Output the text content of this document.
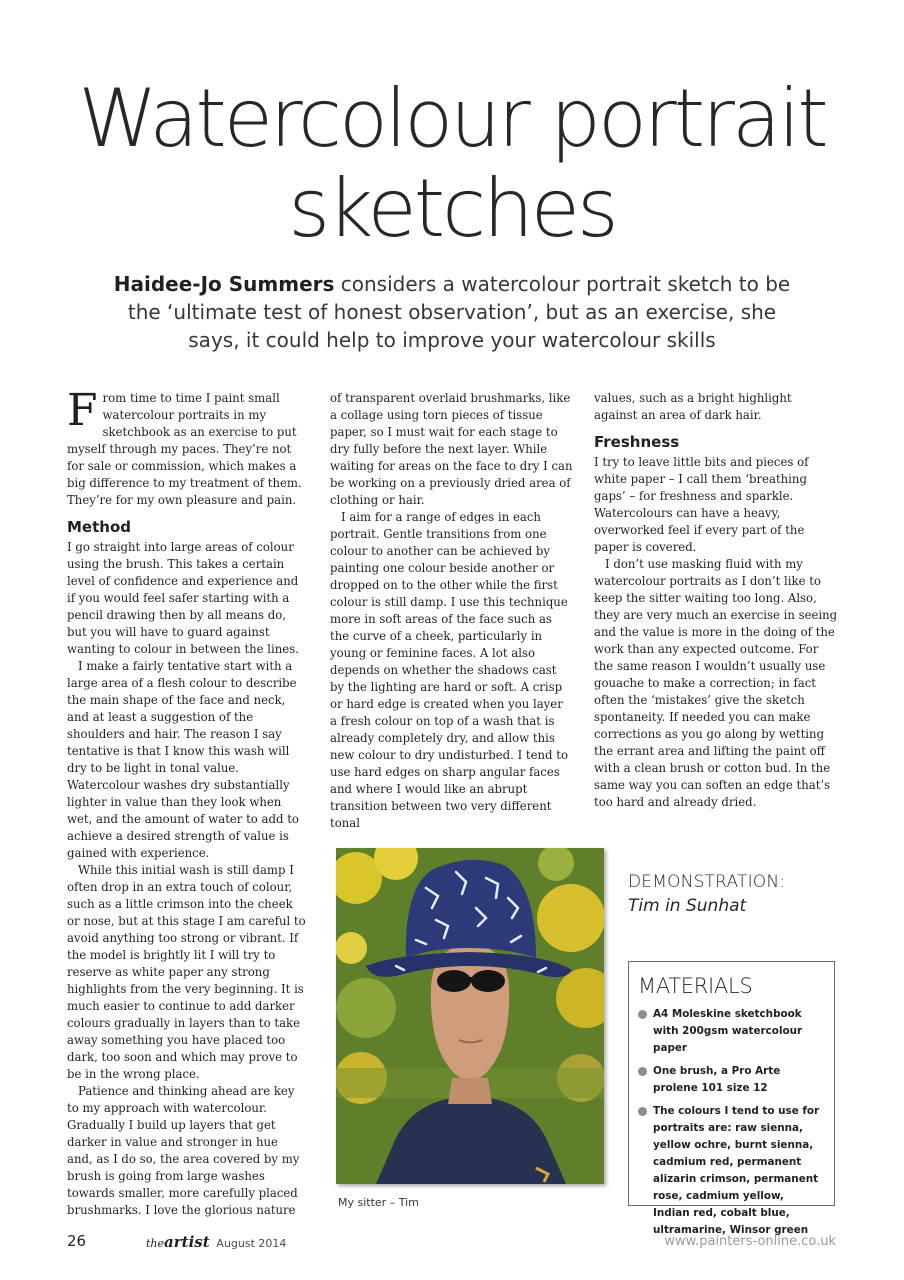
Watercolour portrait
sketches
Haidee-Jo Summers considers a watercolour portrait sketch to be the ‘ultimate test of honest observation’, but as an exercise, she says, it could help to improve your watercolour skills

From time to time I paint small watercolour portraits in my sketchbook as an exercise to put myself through my paces. They’re not for sale or commission, which makes a big difference to my treatment of them. They’re for my own pleasure and pain.

Method

I go straight into large areas of colour using the brush. This takes a certain level of confidence and experience and if you would feel safer starting with a pencil drawing then by all means do, but you will have to guard against wanting to colour in between the lines.

I make a fairly tentative start with a large area of a flesh colour to describe the main shape of the face and neck, and at least a suggestion of the shoulders and hair. The reason I say tentative is that I know this wash will dry to be light in tonal value. Watercolour washes dry substantially lighter in value than they look when wet, and the amount of water to add to achieve a desired strength of value is gained with experience.

While this initial wash is still damp I often drop in an extra touch of colour, such as a little crimson into the cheek or nose, but at this stage I am careful to avoid anything too strong or vibrant. If the model is brightly lit I will try to reserve as white paper any strong highlights from the very beginning. It is much easier to continue to add darker colours gradually in layers than to take away something you have placed too dark, too soon and which may prove to be in the wrong place.

Patience and thinking ahead are key to my approach with watercolour. Gradually I build up layers that get darker in value and stronger in hue and, as I do so, the area covered by my brush is going from large washes towards smaller, more carefully placed brushmarks. I love the glorious nature

of transparent overlaid brushmarks, like a collage using torn pieces of tissue paper, so I must wait for each stage to dry fully before the next layer. While waiting for areas on the face to dry I can be working on a previously dried area of clothing or hair.

I aim for a range of edges in each portrait. Gentle transitions from one colour to another can be achieved by painting one colour beside another or dropped on to the other while the first colour is still damp. I use this technique more in soft areas of the face such as the curve of a cheek, particularly in young or feminine faces. A lot also depends on whether the shadows cast by the lighting are hard or soft. A crisp or hard edge is created when you layer a fresh colour on top of a wash that is already completely dry, and allow this new colour to dry undisturbed. I tend to use hard edges on sharp angular faces and where I would like an abrupt transition between two very different tonal

values, such as a bright highlight against an area of dark hair.

Freshness

I try to leave little bits and pieces of white paper – I call them ‘breathing gaps’ – for freshness and sparkle. Watercolours can have a heavy, overworked feel if every part of the paper is covered.

I don’t use masking fluid with my watercolour portraits as I don’t like to keep the sitter waiting too long. Also, they are very much an exercise in seeing and the value is more in the doing of the work than any expected outcome. For the same reason I wouldn’t usually use gouache to make a correction; in fact often the ‘mistakes’ give the sketch spontaneity. If needed you can make corrections as you go along by wetting the errant area and lifting the paint off with a clean brush or cotton bud. In the same way you can soften an edge that’s too hard and already dried.

My sitter – Tim
DEMONSTRATION:
Tim in Sunhat
MATERIALS
A4 Moleskine sketchbook with 200gsm watercolour paper
One brush, a Pro Arte prolene 101 size 12
The colours I tend to use for portraits are: raw sienna, yellow ochre, burnt sienna, cadmium red, permanent alizarin crimson, permanent rose, cadmium yellow, Indian red, cobalt blue, ultramarine, Winsor green
26	theartist August 2014	www.painters-online.co.uk
